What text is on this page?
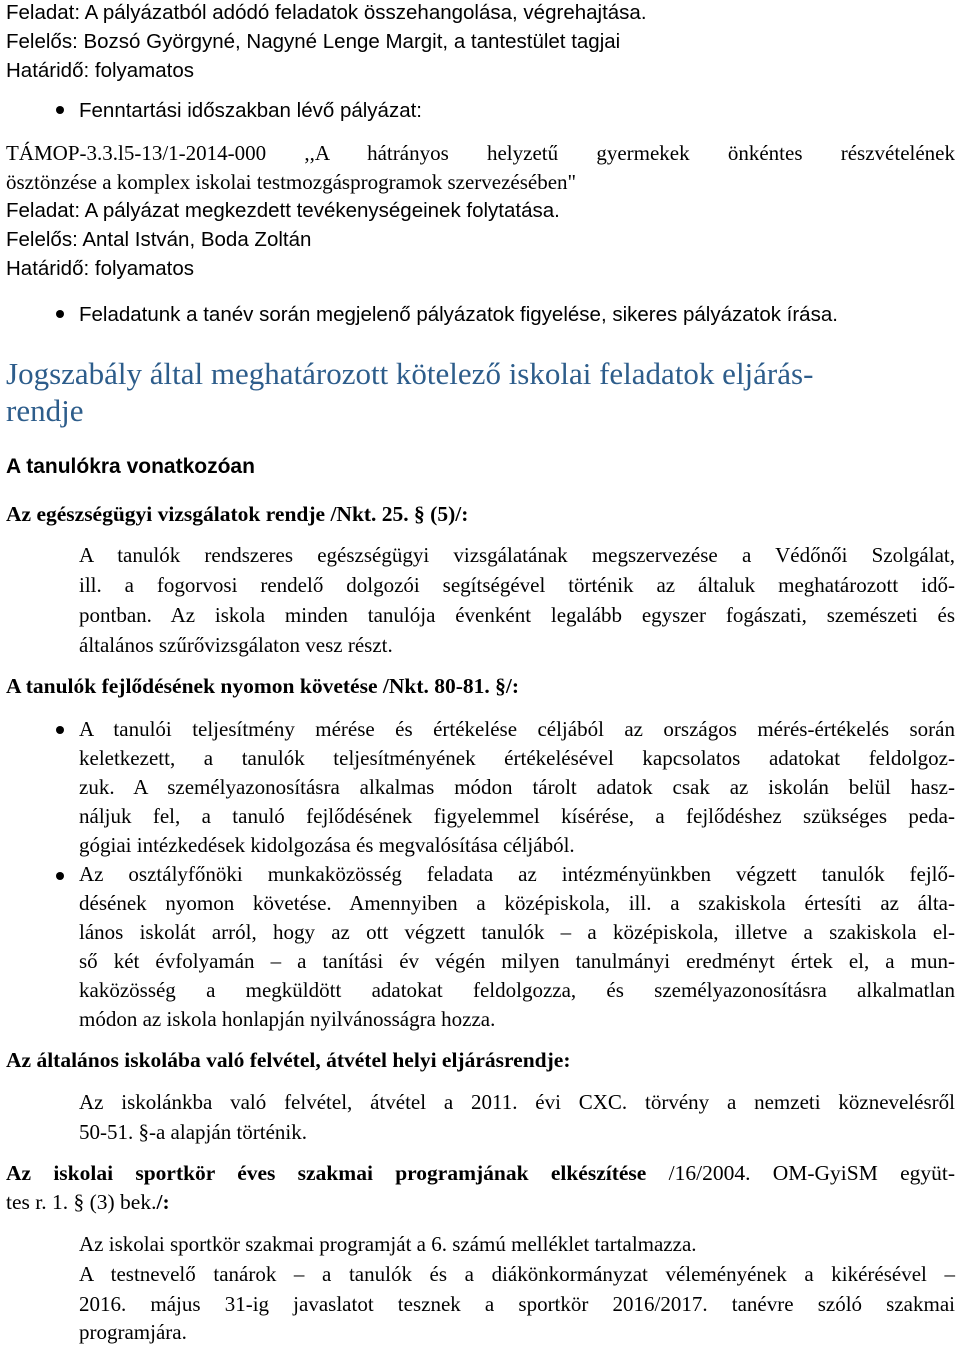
Feladat: A pályázatból adódó feladatok összehangolása, végrehajtása.

Felelős: Bozsó Györgyné, Nagyné Lenge Margit, a tantestület tagjai

Határidő: folyamatos

Fenntartási időszakban lévő pályázat:

TÁMOP-3.3.l5-13/1-2014-000 ,,A hátrányos helyzetű gyermekek önkéntes részvételének

ösztönzése a komplex iskolai testmozgásprogramok szervezésében"

Feladat: A pályázat megkezdett tevékenységeinek folytatása.

Felelős: Antal István, Boda Zoltán

Határidő: folyamatos

Feladatunk a tanév során megjelenő pályázatok figyelése, sikeres pályázatok írása.

Jogszabály által meghatározott kötelező iskolai feladatok eljárás-

rendje

A tanulókra vonatkozóan

Az egészségügyi vizsgálatok rendje /Nkt. 25. § (5)/:

A tanulók rendszeres egészségügyi vizsgálatának megszervezése a Védőnői Szolgálat,

ill. a fogorvosi rendelő dolgozói segítségével történik az általuk meghatározott idő-

pontban. Az iskola minden tanulója évenként legalább egyszer fogászati, szemészeti és

általános szűrővizsgálaton vesz részt.

A tanulók fejlődésének nyomon követése /Nkt. 80-81. §/:

A tanulói teljesítmény mérése és értékelése céljából az országos mérés-értékelés során

keletkezett, a tanulók teljesítményének értékelésével kapcsolatos adatokat feldolgoz-

zuk. A személyazonosításra alkalmas módon tárolt adatok csak az iskolán belül hasz-

náljuk fel, a tanuló fejlődésének figyelemmel kísérése, a fejlődéshez szükséges peda-

gógiai intézkedések kidolgozása és megvalósítása céljából.

Az osztályfőnöki munkaközösség feladata az intézményünkben végzett tanulók fejlő-

désének nyomon követése. Amennyiben a középiskola, ill. a szakiskola értesíti az álta-

lános iskolát arról, hogy az ott végzett tanulók – a középiskola, illetve a szakiskola el-

ső két évfolyamán – a tanítási év végén milyen tanulmányi eredményt értek el, a mun-

kaközösség a megküldött adatokat feldolgozza, és személyazonosításra alkalmatlan

módon az iskola honlapján nyilvánosságra hozza.

Az általános iskolába való felvétel, átvétel helyi eljárásrendje:

Az iskolánkba való felvétel, átvétel a 2011. évi CXC. törvény a nemzeti köznevelésről

50-51. §-a alapján történik.

Az iskolai sportkör éves szakmai programjának elkészítése /16/2004. OM-GyiSM együt-

tes r. 1. § (3) bek./:

Az iskolai sportkör szakmai programját a 6. számú melléklet tartalmazza.

A testnevelő tanárok – a tanulók és a diákönkormányzat véleményének a kikérésével –

2016. május 31-ig javaslatot tesznek a sportkör 2016/2017. tanévre szóló szakmai

programjára.
